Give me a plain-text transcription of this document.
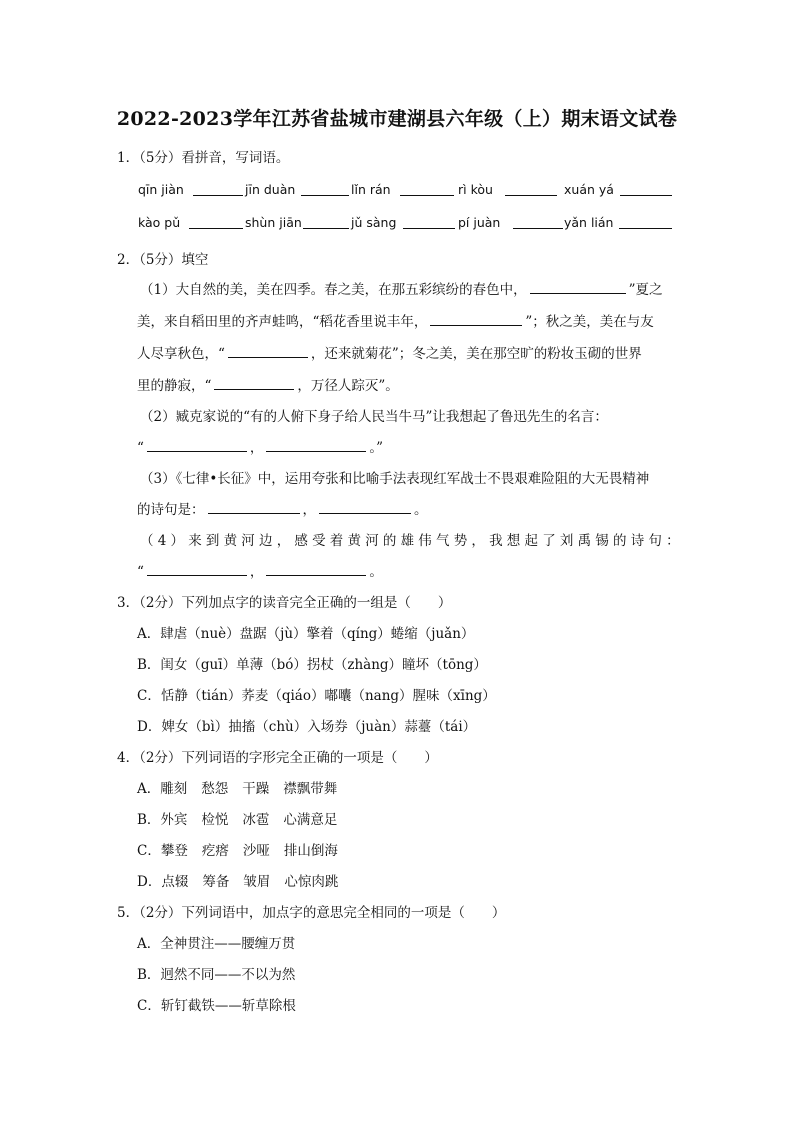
2022-2023学年江苏省盐城市建湖县六年级（上）期末语文试卷
1．（5分）看拼音，写词语。
qīn jiàn	jīn duàn	lǐn rán	rì kòu	xuán yá
kào pǔ	shùn jiān	jǔ sàng	pí juàn	yǎn lián
2．（5分）填空
（1）大自然的美，美在四季。春之美，在那五彩缤纷的春色中，	”夏之
美，来自稻田里的齐声蛙鸣，“稻花香里说丰年，	”；秋之美，美在与友
人尽享秋色，“	，还来就菊花”；冬之美，美在那空旷的粉妆玉砌的世界
里的静寂，“	，万径人踪灭”。
（2）臧克家说的“有的人俯下身子给人民当牛马”让我想起了鲁迅先生的名言：
“	，	。”
（3）《七律•长征》中，运用夸张和比喻手法表现红军战士不畏艰难险阻的大无畏精神
的诗句是：	，	。
（4）来到黄河边，感受着黄河的雄伟气势，我想起了刘禹锡的诗句：
“	，	。
3．（2分）下列加点字的读音完全正确的一组是（　　）
A．肆虐（nuè）盘踞（jù）擎着（qíng）蜷缩（juǎn）
B．闺女（guī）单薄（bó）拐杖（zhàng）瞳坏（tōng）
C．恬静（tián）荞麦（qiáo）嘟囔（nang）腥味（xīng）
D．婢女（bì）抽搐（chù）入场券（juàn）蒜薹（tái）
4．（2分）下列词语的字形完全正确的一项是（　　）
A．雕刻 愁怨 干躁 襟飘带舞
B．外宾 检悦 冰雹 心满意足
C．攀登 疙瘩 沙哑 排山倒海
D．点辍 筹备 皱眉 心惊肉跳
5．（2分）下列词语中，加点字的意思完全相同的一项是（　　）
A．全神贯注——腰缠万贯
B．迥然不同——不以为然
C．斩钉截铁——斩草除根
